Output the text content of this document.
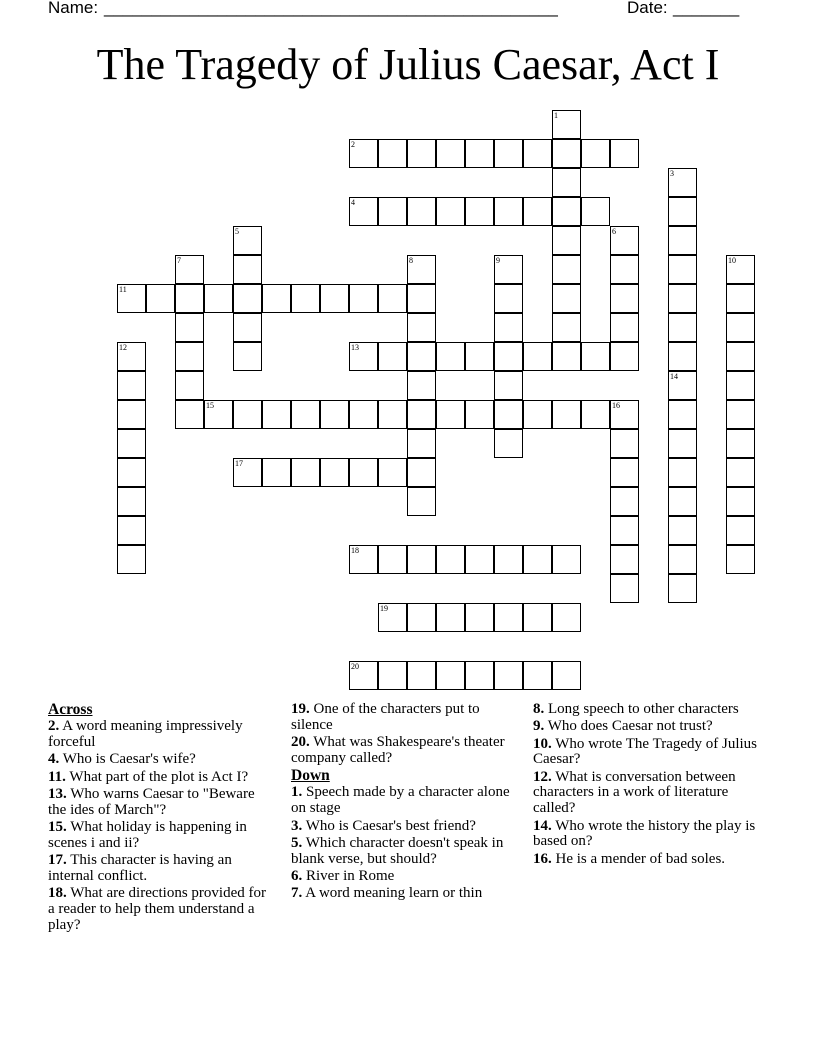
Name: ________________________________________________	Date: _______
The Tragedy of Julius Caesar, Act I
1
2
3
4
5	6
7	8	9	10
11
12	13
14
15	16
17
18
19
20
Across
2. A word meaning impressively forceful
4. Who is Caesar's wife?
11. What part of the plot is Act I?
13. Who warns Caesar to "Beware the ides of March"?
15. What holiday is happening in scenes i and ii?
17. This character is having an internal conflict.
18. What are directions provided for a reader to help them understand a play?
19. One of the characters put to silence
20. What was Shakespeare's theater company called?
Down
1. Speech made by a character alone on stage
3. Who is Caesar's best friend?
5. Which character doesn't speak in blank verse, but should?
6. River in Rome
7. A word meaning learn or thin
8. Long speech to other characters
9. Who does Caesar not trust?
10. Who wrote The Tragedy of Julius Caesar?
12. What is conversation between characters in a work of literature called?
14. Who wrote the history the play is based on?
16. He is a mender of bad soles.
